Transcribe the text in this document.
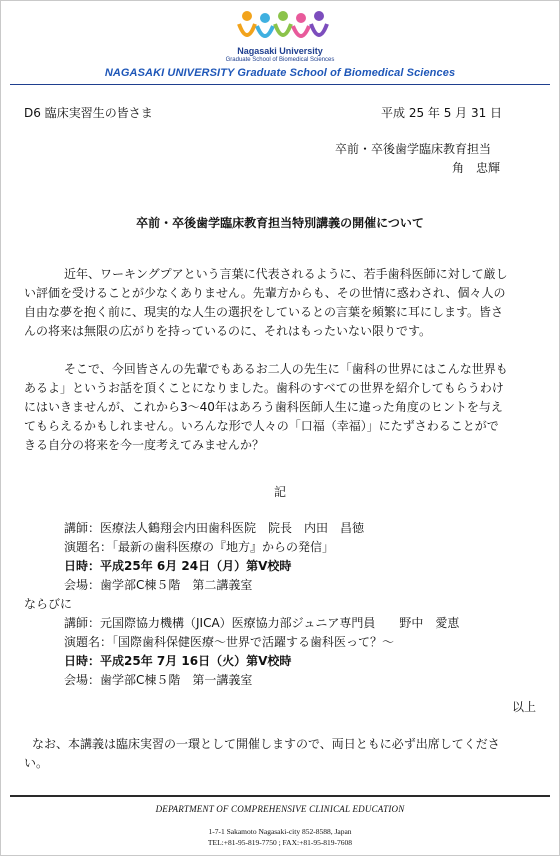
Nagasaki University
Graduate School of Biomedical Sciences
NAGASAKI UNIVERSITY Graduate School of Biomedical Sciences
D6 臨床実習生の皆さま	平成 25 年 5 月 31 日
卒前・卒後歯学臨床教育担当
角　忠輝
卒前・卒後歯学臨床教育担当特別講義の開催について
近年、ワーキングプアという言葉に代表されるように、若手歯科医師に対して厳し
い評価を受けることが少なくありません。先輩方からも、その世情に惑わされ、個々人の
自由な夢を抱く前に、現実的な人生の選択をしているとの言葉を頻繁に耳にします。皆さ
んの将来は無限の広がりを持っているのに、それはもったいない限りです。
そこで、今回皆さんの先輩でもあるお二人の先生に「歯科の世界にはこんな世界も
あるよ」というお話を頂くことになりました。歯科のすべての世界を紹介してもらうわけ
にはいきませんが、これから3～40年はあろう歯科医師人生に違った角度のヒントを与え
てもらえるかもしれません。いろんな形で人々の「口福（幸福）」にたずさわることがで
きる自分の将来を今一度考えてみませんか？
記
講師：医療法人鶴翔会内田歯科医院　院長　内田　昌徳
演題名：「最新の歯科医療の『地方』からの発信」
日時：平成25年 6月 24日（月）第V校時
会場：歯学部C棟５階　第二講義室
ならびに
講師：元国際協力機構（JICA）医療協力部ジュニア専門員　　野中　愛恵
演題名：「国際歯科保健医療～世界で活躍する歯科医って？～
日時：平成25年 7月 16日（火）第V校時
会場：歯学部C棟５階　第一講義室
以上
なお、本講義は臨床実習の一環として開催しますので、両日ともに必ず出席してくださ
い。
DEPARTMENT OF COMPREHENSIVE CLINICAL EDUCATION
1-7-1 Sakamoto Nagasaki-city 852-8588, Japan
TEL:+81-95-819-7750 ; FAX:+81-95-819-7608
